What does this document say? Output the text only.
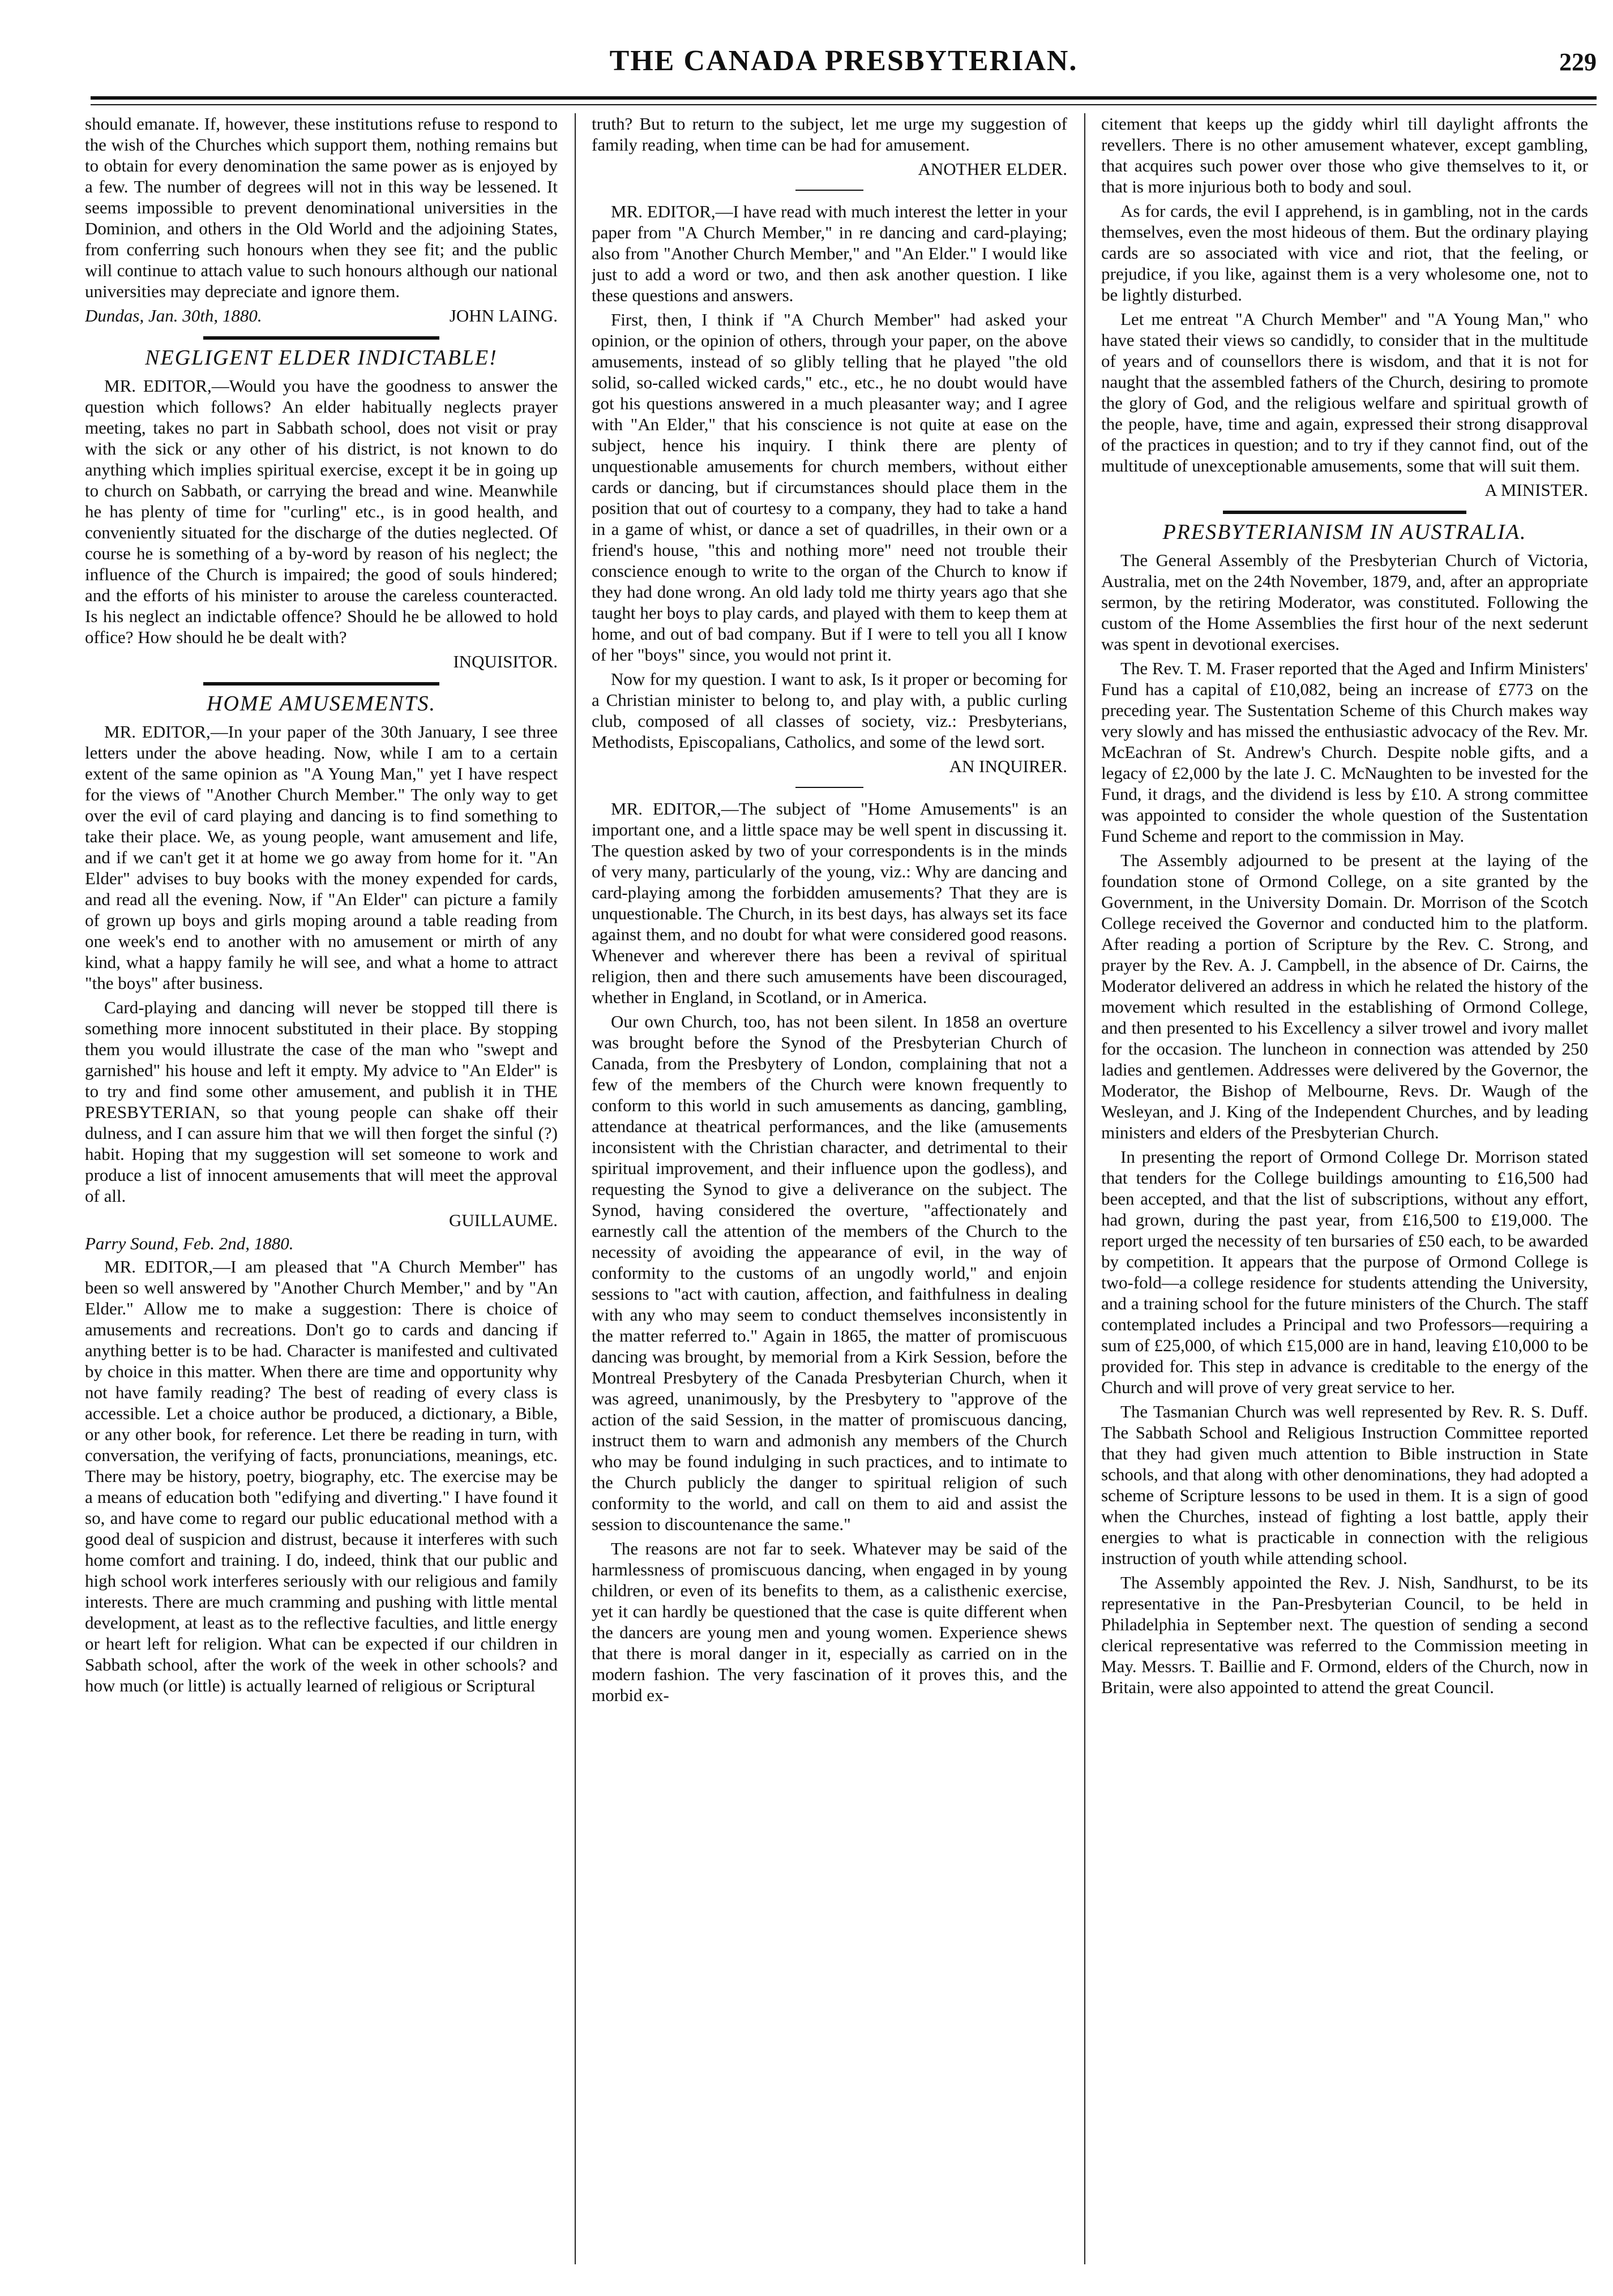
THE CANADA PRESBYTERIAN.	229

should emanate. If, however, these institutions refuse to respond to the wish of the Churches which support them, nothing remains but to obtain for every denomination the same power as is enjoyed by a few. The number of degrees will not in this way be lessened. It seems impossible to prevent denominational universities in the Dominion, and others in the Old World and the adjoining States, from conferring such honours when they see fit; and the public will continue to attach value to such honours although our national universities may depreciate and ignore them.

Dundas, Jan. 30th, 1880.	JOHN LAING.
NEGLIGENT ELDER INDICTABLE!

MR. EDITOR,—Would you have the goodness to answer the question which follows? An elder habitually neglects prayer meeting, takes no part in Sabbath school, does not visit or pray with the sick or any other of his district, is not known to do anything which implies spiritual exercise, except it be in going up to church on Sabbath, or carrying the bread and wine. Meanwhile he has plenty of time for "curling" etc., is in good health, and conveniently situated for the discharge of the duties neglected. Of course he is something of a by-word by reason of his neglect; the influence of the Church is impaired; the good of souls hindered; and the efforts of his minister to arouse the careless counteracted. Is his neglect an indictable offence? Should he be allowed to hold office? How should he be dealt with?

INQUISITOR.
HOME AMUSEMENTS.

MR. EDITOR,—In your paper of the 30th January, I see three letters under the above heading. Now, while I am to a certain extent of the same opinion as "A Young Man," yet I have respect for the views of "Another Church Member." The only way to get over the evil of card playing and dancing is to find something to take their place. We, as young people, want amusement and life, and if we can't get it at home we go away from home for it. "An Elder" advises to buy books with the money expended for cards, and read all the evening. Now, if "An Elder" can picture a family of grown up boys and girls moping around a table reading from one week's end to another with no amusement or mirth of any kind, what a happy family he will see, and what a home to attract "the boys" after business.

Card-playing and dancing will never be stopped till there is something more innocent substituted in their place. By stopping them you would illustrate the case of the man who "swept and garnished" his house and left it empty. My advice to "An Elder" is to try and find some other amusement, and publish it in THE PRESBYTERIAN, so that young people can shake off their dulness, and I can assure him that we will then forget the sinful (?) habit. Hoping that my suggestion will set someone to work and produce a list of innocent amusements that will meet the approval of all.

GUILLAUME.
Parry Sound, Feb. 2nd, 1880.

MR. EDITOR,—I am pleased that "A Church Member" has been so well answered by "Another Church Member," and by "An Elder." Allow me to make a suggestion: There is choice of amusements and recreations. Don't go to cards and dancing if anything better is to be had. Character is manifested and cultivated by choice in this matter. When there are time and opportunity why not have family reading? The best of reading of every class is accessible. Let a choice author be produced, a dictionary, a Bible, or any other book, for reference. Let there be reading in turn, with conversation, the verifying of facts, pronunciations, meanings, etc. There may be history, poetry, biography, etc. The exercise may be a means of education both "edifying and diverting." I have found it so, and have come to regard our public educational method with a good deal of suspicion and distrust, because it interferes with such home comfort and training. I do, indeed, think that our public and high school work interferes seriously with our religious and family interests. There are much cramming and pushing with little mental development, at least as to the reflective faculties, and little energy or heart left for religion. What can be expected if our children in Sabbath school, after the work of the week in other schools? and how much (or little) is actually learned of religious or Scriptural

truth? But to return to the subject, let me urge my suggestion of family reading, when time can be had for amusement.

ANOTHER ELDER.

MR. EDITOR,—I have read with much interest the letter in your paper from "A Church Member," in re dancing and card-playing; also from "Another Church Member," and "An Elder." I would like just to add a word or two, and then ask another question. I like these questions and answers.

First, then, I think if "A Church Member" had asked your opinion, or the opinion of others, through your paper, on the above amusements, instead of so glibly telling that he played "the old solid, so-called wicked cards," etc., etc., he no doubt would have got his questions answered in a much pleasanter way; and I agree with "An Elder," that his conscience is not quite at ease on the subject, hence his inquiry. I think there are plenty of unquestionable amusements for church members, without either cards or dancing, but if circumstances should place them in the position that out of courtesy to a company, they had to take a hand in a game of whist, or dance a set of quadrilles, in their own or a friend's house, "this and nothing more" need not trouble their conscience enough to write to the organ of the Church to know if they had done wrong. An old lady told me thirty years ago that she taught her boys to play cards, and played with them to keep them at home, and out of bad company. But if I were to tell you all I know of her "boys" since, you would not print it.

Now for my question. I want to ask, Is it proper or becoming for a Christian minister to belong to, and play with, a public curling club, composed of all classes of society, viz.: Presbyterians, Methodists, Episcopalians, Catholics, and some of the lewd sort.

AN INQUIRER.

MR. EDITOR,—The subject of "Home Amusements" is an important one, and a little space may be well spent in discussing it. The question asked by two of your correspondents is in the minds of very many, particularly of the young, viz.: Why are dancing and card-playing among the forbidden amusements? That they are is unquestionable. The Church, in its best days, has always set its face against them, and no doubt for what were considered good reasons. Whenever and wherever there has been a revival of spiritual religion, then and there such amusements have been discouraged, whether in England, in Scotland, or in America.

Our own Church, too, has not been silent. In 1858 an overture was brought before the Synod of the Presbyterian Church of Canada, from the Presbytery of London, complaining that not a few of the members of the Church were known frequently to conform to this world in such amusements as dancing, gambling, attendance at theatrical performances, and the like (amusements inconsistent with the Christian character, and detrimental to their spiritual improvement, and their influence upon the godless), and requesting the Synod to give a deliverance on the subject. The Synod, having considered the overture, "affectionately and earnestly call the attention of the members of the Church to the necessity of avoiding the appearance of evil, in the way of conformity to the customs of an ungodly world," and enjoin sessions to "act with caution, affection, and faithfulness in dealing with any who may seem to conduct themselves inconsistently in the matter referred to." Again in 1865, the matter of promiscuous dancing was brought, by memorial from a Kirk Session, before the Montreal Presbytery of the Canada Presbyterian Church, when it was agreed, unanimously, by the Presbytery to "approve of the action of the said Session, in the matter of promiscuous dancing, instruct them to warn and admonish any members of the Church who may be found indulging in such practices, and to intimate to the Church publicly the danger to spiritual religion of such conformity to the world, and call on them to aid and assist the session to discountenance the same."

The reasons are not far to seek. Whatever may be said of the harmlessness of promiscuous dancing, when engaged in by young children, or even of its benefits to them, as a calisthenic exercise, yet it can hardly be questioned that the case is quite different when the dancers are young men and young women. Experience shews that there is moral danger in it, especially as carried on in the modern fashion. The very fascination of it proves this, and the morbid ex-

citement that keeps up the giddy whirl till daylight affronts the revellers. There is no other amusement whatever, except gambling, that acquires such power over those who give themselves to it, or that is more injurious both to body and soul.

As for cards, the evil I apprehend, is in gambling, not in the cards themselves, even the most hideous of them. But the ordinary playing cards are so associated with vice and riot, that the feeling, or prejudice, if you like, against them is a very wholesome one, not to be lightly disturbed.

Let me entreat "A Church Member" and "A Young Man," who have stated their views so candidly, to consider that in the multitude of years and of counsellors there is wisdom, and that it is not for naught that the assembled fathers of the Church, desiring to promote the glory of God, and the religious welfare and spiritual growth of the people, have, time and again, expressed their strong disapproval of the practices in question; and to try if they cannot find, out of the multitude of unexceptionable amusements, some that will suit them.

A MINISTER.
PRESBYTERIANISM IN AUSTRALIA.

The General Assembly of the Presbyterian Church of Victoria, Australia, met on the 24th November, 1879, and, after an appropriate sermon, by the retiring Moderator, was constituted. Following the custom of the Home Assemblies the first hour of the next sederunt was spent in devotional exercises.

The Rev. T. M. Fraser reported that the Aged and Infirm Ministers' Fund has a capital of £10,082, being an increase of £773 on the preceding year. The Sustentation Scheme of this Church makes way very slowly and has missed the enthusiastic advocacy of the Rev. Mr. McEachran of St. Andrew's Church. Despite noble gifts, and a legacy of £2,000 by the late J. C. McNaughten to be invested for the Fund, it drags, and the dividend is less by £10. A strong committee was appointed to consider the whole question of the Sustentation Fund Scheme and report to the commission in May.

The Assembly adjourned to be present at the laying of the foundation stone of Ormond College, on a site granted by the Government, in the University Domain. Dr. Morrison of the Scotch College received the Governor and conducted him to the platform. After reading a portion of Scripture by the Rev. C. Strong, and prayer by the Rev. A. J. Campbell, in the absence of Dr. Cairns, the Moderator delivered an address in which he related the history of the movement which resulted in the establishing of Ormond College, and then presented to his Excellency a silver trowel and ivory mallet for the occasion. The luncheon in connection was attended by 250 ladies and gentlemen. Addresses were delivered by the Governor, the Moderator, the Bishop of Melbourne, Revs. Dr. Waugh of the Wesleyan, and J. King of the Independent Churches, and by leading ministers and elders of the Presbyterian Church.

In presenting the report of Ormond College Dr. Morrison stated that tenders for the College buildings amounting to £16,500 had been accepted, and that the list of subscriptions, without any effort, had grown, during the past year, from £16,500 to £19,000. The report urged the necessity of ten bursaries of £50 each, to be awarded by competition. It appears that the purpose of Ormond College is two-fold—a college residence for students attending the University, and a training school for the future ministers of the Church. The staff contemplated includes a Principal and two Professors—requiring a sum of £25,000, of which £15,000 are in hand, leaving £10,000 to be provided for. This step in advance is creditable to the energy of the Church and will prove of very great service to her.

The Tasmanian Church was well represented by Rev. R. S. Duff. The Sabbath School and Religious Instruction Committee reported that they had given much attention to Bible instruction in State schools, and that along with other denominations, they had adopted a scheme of Scripture lessons to be used in them. It is a sign of good when the Churches, instead of fighting a lost battle, apply their energies to what is practicable in connection with the religious instruction of youth while attending school.

The Assembly appointed the Rev. J. Nish, Sandhurst, to be its representative in the Pan-Presbyterian Council, to be held in Philadelphia in September next. The question of sending a second clerical representative was referred to the Commission meeting in May. Messrs. T. Baillie and F. Ormond, elders of the Church, now in Britain, were also appointed to attend the great Council.
